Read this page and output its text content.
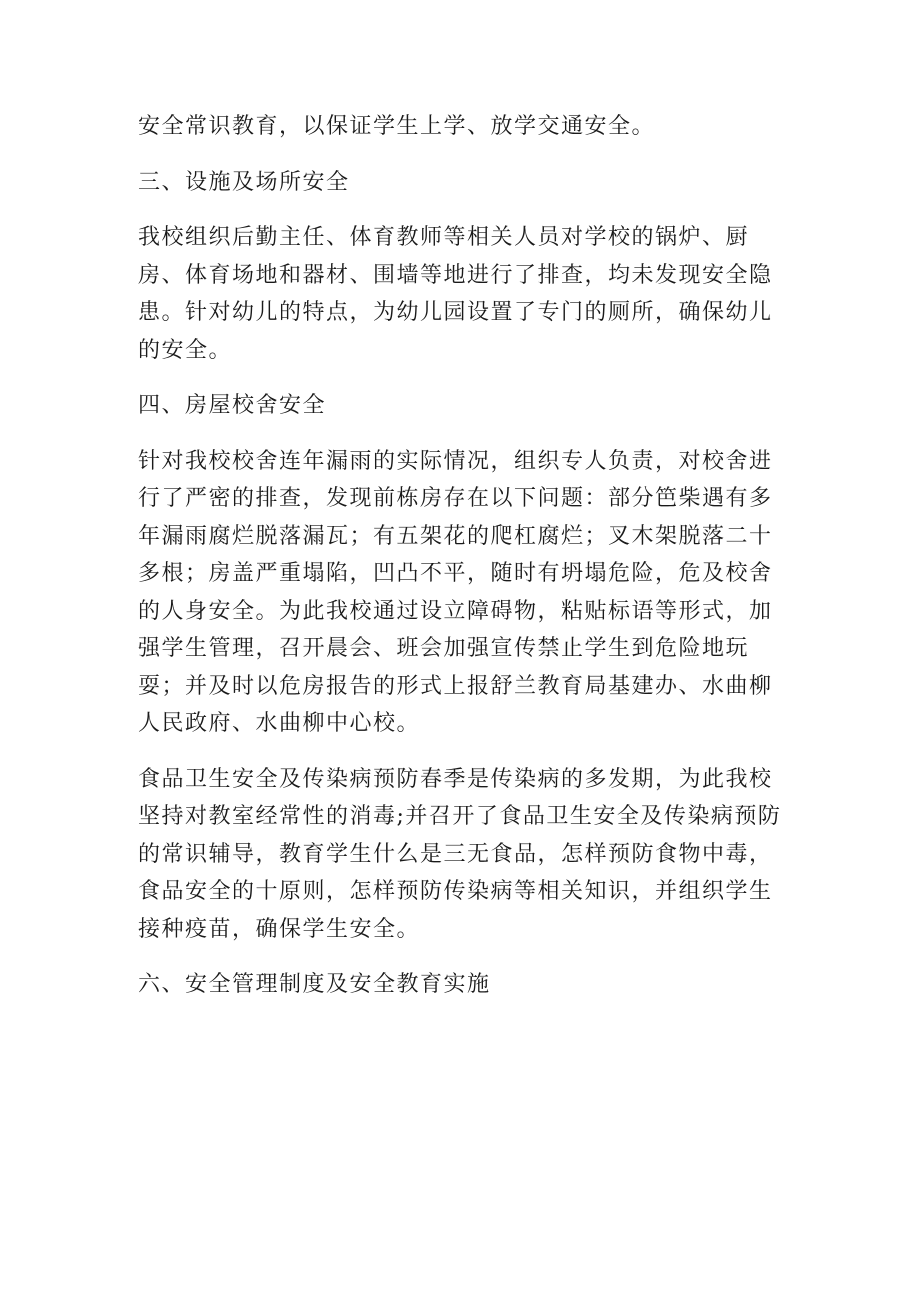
安全常识教育，以保证学生上学、放学交通安全。

三、设施及场所安全

我校组织后勤主任、体育教师等相关人员对学校的锅炉、厨房、体育场地和器材、围墙等地进行了排查，均未发现安全隐患。针对幼儿的特点，为幼儿园设置了专门的厕所，确保幼儿的安全。

四、房屋校舍安全

针对我校校舍连年漏雨的实际情况，组织专人负责，对校舍进行了严密的排查，发现前栋房存在以下问题：部分笆柴遇有多年漏雨腐烂脱落漏瓦；有五架花的爬杠腐烂；叉木架脱落二十多根；房盖严重塌陷，凹凸不平，随时有坍塌危险，危及校舍的人身安全。为此我校通过设立障碍物，粘贴标语等形式，加强学生管理，召开晨会、班会加强宣传禁止学生到危险地玩耍；并及时以危房报告的形式上报舒兰教育局基建办、水曲柳人民政府、水曲柳中心校。

食品卫生安全及传染病预防春季是传染病的多发期，为此我校坚持对教室经常性的消毒;并召开了食品卫生安全及传染病预防的常识辅导，教育学生什么是三无食品，怎样预防食物中毒，食品安全的十原则，怎样预防传染病等相关知识，并组织学生接种疫苗，确保学生安全。

六、安全管理制度及安全教育实施
